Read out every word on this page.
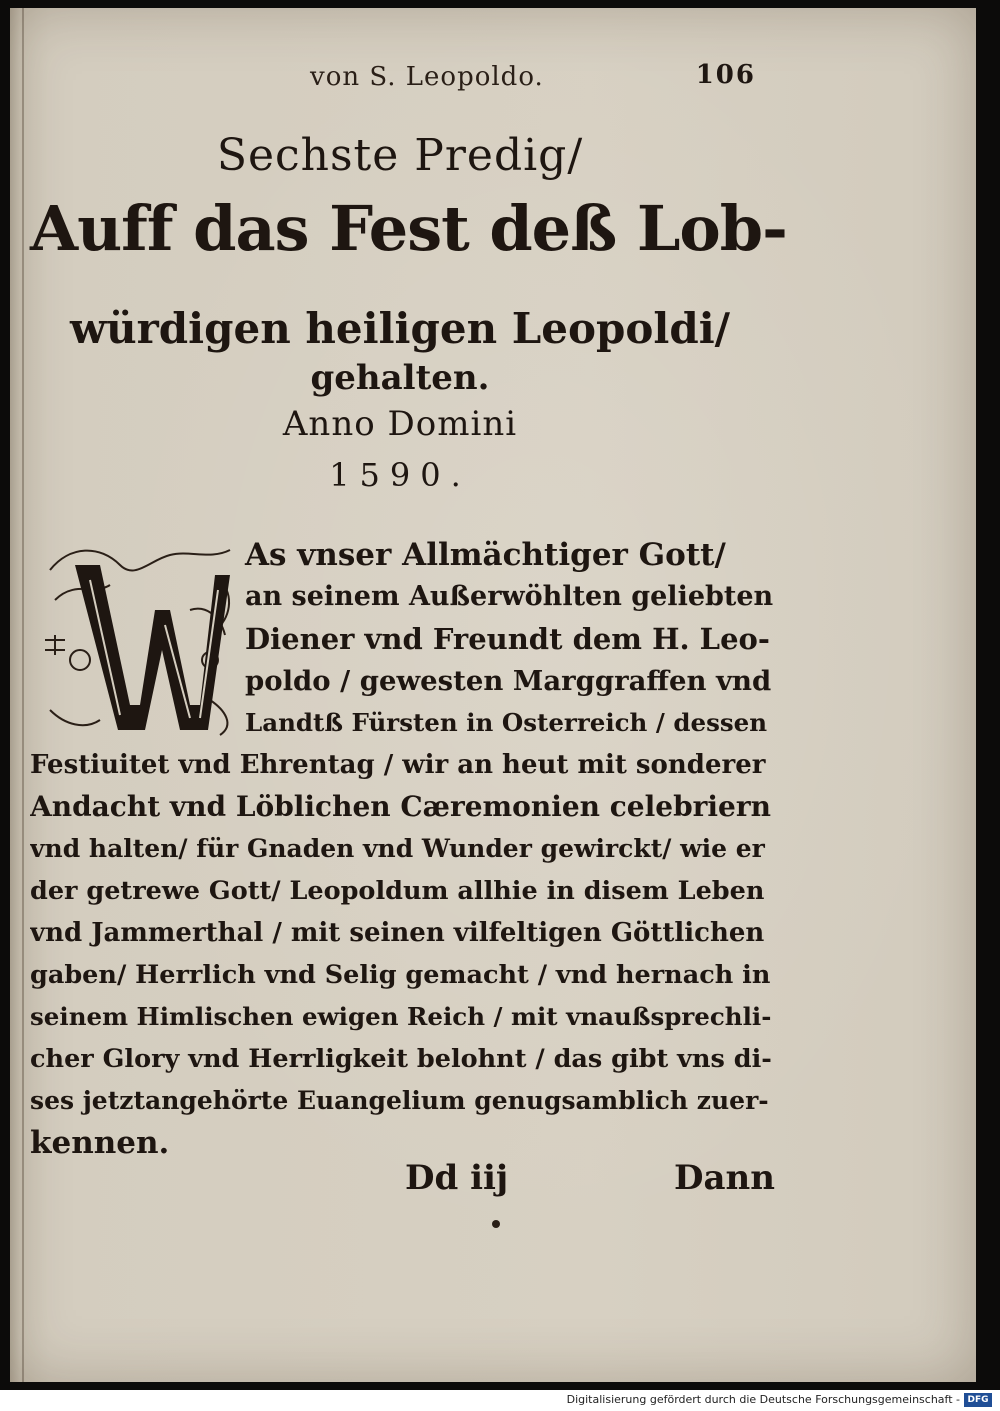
von S. Leopoldo.	106
Sechste Predig/
Auff das Fest deß Lob-
würdigen heiligen Leopoldi/
gehalten.
Anno Domini
1590.
As vnser Allmächtiger Gott/
an seinem Außerwöhlten geliebten
Diener vnd Freundt dem H. Leo-
poldo / gewesten Marggraffen vnd
Landtß Fürsten in Osterreich / dessen
Festiuitet vnd Ehrentag / wir an heut mit sonderer
Andacht vnd Löblichen Cæremonien celebriern
vnd halten/ für Gnaden vnd Wunder gewirckt/ wie er
der getrewe Gott/ Leopoldum allhie in disem Leben
vnd Jammerthal / mit seinen vilfeltigen Göttlichen
gaben/ Herrlich vnd Selig gemacht / vnd hernach in
seinem Himlischen ewigen Reich / mit vnaußsprechli-
cher Glory vnd Herrligkeit belohnt / das gibt vns di-
ses jetztangehörte Euangelium genugsamblich zuer-
kennen.
Dd iij	Dann
Digitalisierung gefördert durch die Deutsche Forschungsgemeinschaft - DFG
